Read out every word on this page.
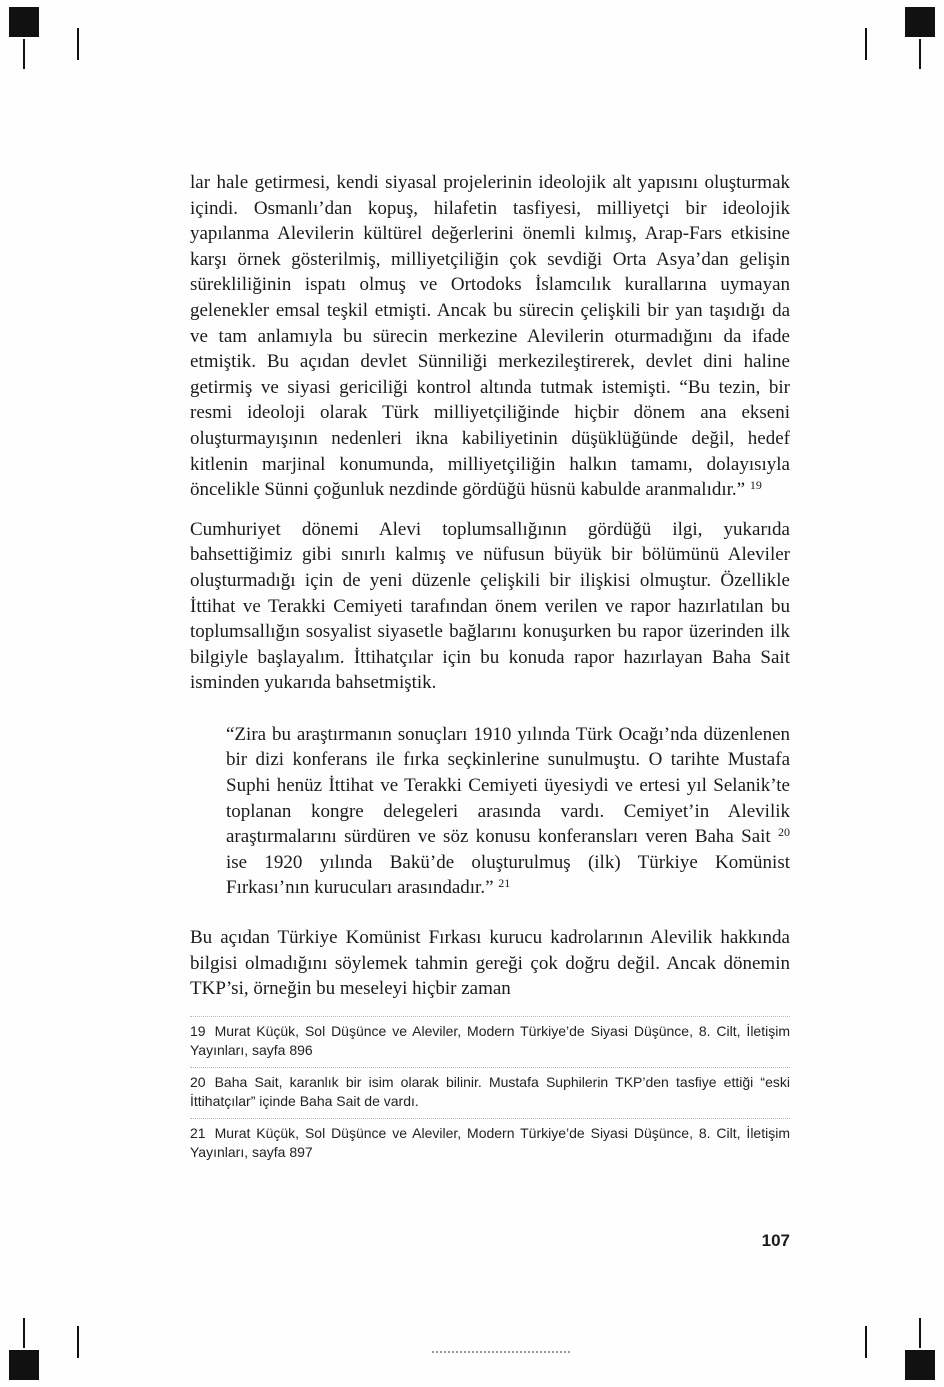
lar hale getirmesi, kendi siyasal projelerinin ideolojik alt yapısını oluşturmak içindi. Osmanlı’dan kopuş, hilafetin tasfiyesi, milliyetçi bir ideolojik yapılanma Alevilerin kültürel değerlerini önemli kılmış, Arap-Fars etkisine karşı örnek gösterilmiş, milliyetçiliğin çok sevdiği Orta Asya’dan gelişin sürekliliğinin ispatı olmuş ve Ortodoks İslamcılık kurallarına uymayan gelenekler emsal teşkil etmişti. Ancak bu sürecin çelişkili bir yan taşıdığı da ve tam anlamıyla bu sürecin merkezine Alevilerin oturmadığını da ifade etmiştik. Bu açıdan devlet Sünniliği merkezileştirerek, devlet dini haline getirmiş ve siyasi gericiliği kontrol altında tutmak istemişti. “Bu tezin, bir resmi ideoloji olarak Türk milliyetçiliğinde hiçbir dönem ana ekseni oluşturmayışının nedenleri ikna kabiliyetinin düşüklüğünde değil, hedef kitlenin marjinal konumunda, milliyetçiliğin halkın tamamı, dolayısıyla öncelikle Sünni çoğunluk nezdinde gördüğü hüsnü kabulde aranmalıdır.” $^{19}$

Cumhuriyet dönemi Alevi toplumsallığının gördüğü ilgi, yukarıda bahsettiğimiz gibi sınırlı kalmış ve nüfusun büyük bir bölümünü Aleviler oluşturmadığı için de yeni düzenle çelişkili bir ilişkisi olmuştur. Özellikle İttihat ve Terakki Cemiyeti tarafından önem verilen ve rapor hazırlatılan bu toplumsallığın sosyalist siyasetle bağlarını konuşurken bu rapor üzerinden ilk bilgiyle başlayalım. İttihatçılar için bu konuda rapor hazırlayan Baha Sait isminden yukarıda bahsetmiştik.

“Zira bu araştırmanın sonuçları 1910 yılında Türk Ocağı’nda düzenlenen bir dizi konferans ile fırka seçkinlerine sunulmuştu. O tarihte Mustafa Suphi henüz İttihat ve Terakki Cemiyeti üyesiydi ve ertesi yıl Selanik’te toplanan kongre delegeleri arasında vardı. Cemiyet’in Alevilik araştırmalarını sürdüren ve söz konusu konferansları veren Baha Sait $^{20}$ ise 1920 yılında Bakü’de oluşturulmuş (ilk) Türkiye Komünist Fırkası’nın kurucuları arasındadır.” $^{21}$

Bu açıdan Türkiye Komünist Fırkası kurucu kadrolarının Alevilik hakkında bilgisi olmadığını söylemek tahmin gereği çok doğru değil. Ancak dönemin TKP’si, örneğin bu meseleyi hiçbir zaman

19 Murat Küçük, Sol Düşünce ve Aleviler, Modern Türkiye’de Siyasi Düşünce, 8. Cilt, İletişim Yayınları, sayfa 896
20 Baha Sait, karanlık bir isim olarak bilinir. Mustafa Suphilerin TKP’den tasfiye ettiği “eski İttihatçılar” içinde Baha Sait de vardı.
21 Murat Küçük, Sol Düşünce ve Aleviler, Modern Türkiye’de Siyasi Düşünce, 8. Cilt, İletişim Yayınları, sayfa 897
107
